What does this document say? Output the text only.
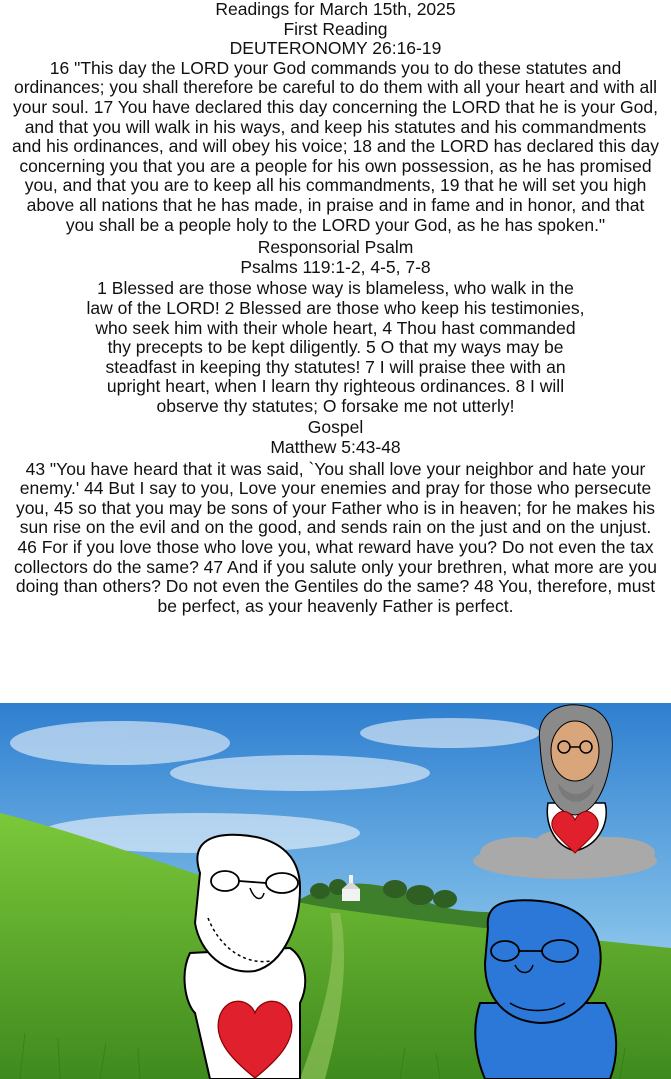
Readings for March 15th, 2025
First Reading
DEUTERONOMY 26:16-19

16 "This day the LORD your God commands you to do these statutes and ordinances; you shall therefore be careful to do them with all your heart and with all your soul. 17 You have declared this day concerning the LORD that he is your God, and that you will walk in his ways, and keep his statutes and his commandments and his ordinances, and will obey his voice; 18 and the LORD has declared this day concerning you that you are a people for his own possession, as he has promised you, and that you are to keep all his commandments, 19 that he will set you high above all nations that he has made, in praise and in fame and in honor, and that you shall be a people holy to the LORD your God, as he has spoken."

Responsorial Psalm
Psalms 119:1-2, 4-5, 7-8

1 Blessed are those whose way is blameless, who walk in the law of the LORD! 2 Blessed are those who keep his testimonies, who seek him with their whole heart, 4 Thou hast commanded thy precepts to be kept diligently. 5 O that my ways may be steadfast in keeping thy statutes! 7 I will praise thee with an upright heart, when I learn thy righteous ordinances. 8 I will observe thy statutes; O forsake me not utterly!

Gospel
Matthew 5:43-48

43 "You have heard that it was said, `You shall love your neighbor and hate your enemy.' 44 But I say to you, Love your enemies and pray for those who persecute you, 45 so that you may be sons of your Father who is in heaven; for he makes his sun rise on the evil and on the good, and sends rain on the just and on the unjust. 46 For if you love those who love you, what reward have you? Do not even the tax collectors do the same? 47 And if you salute only your brethren, what more are you doing than others? Do not even the Gentiles do the same? 48 You, therefore, must be perfect, as your heavenly Father is perfect.
